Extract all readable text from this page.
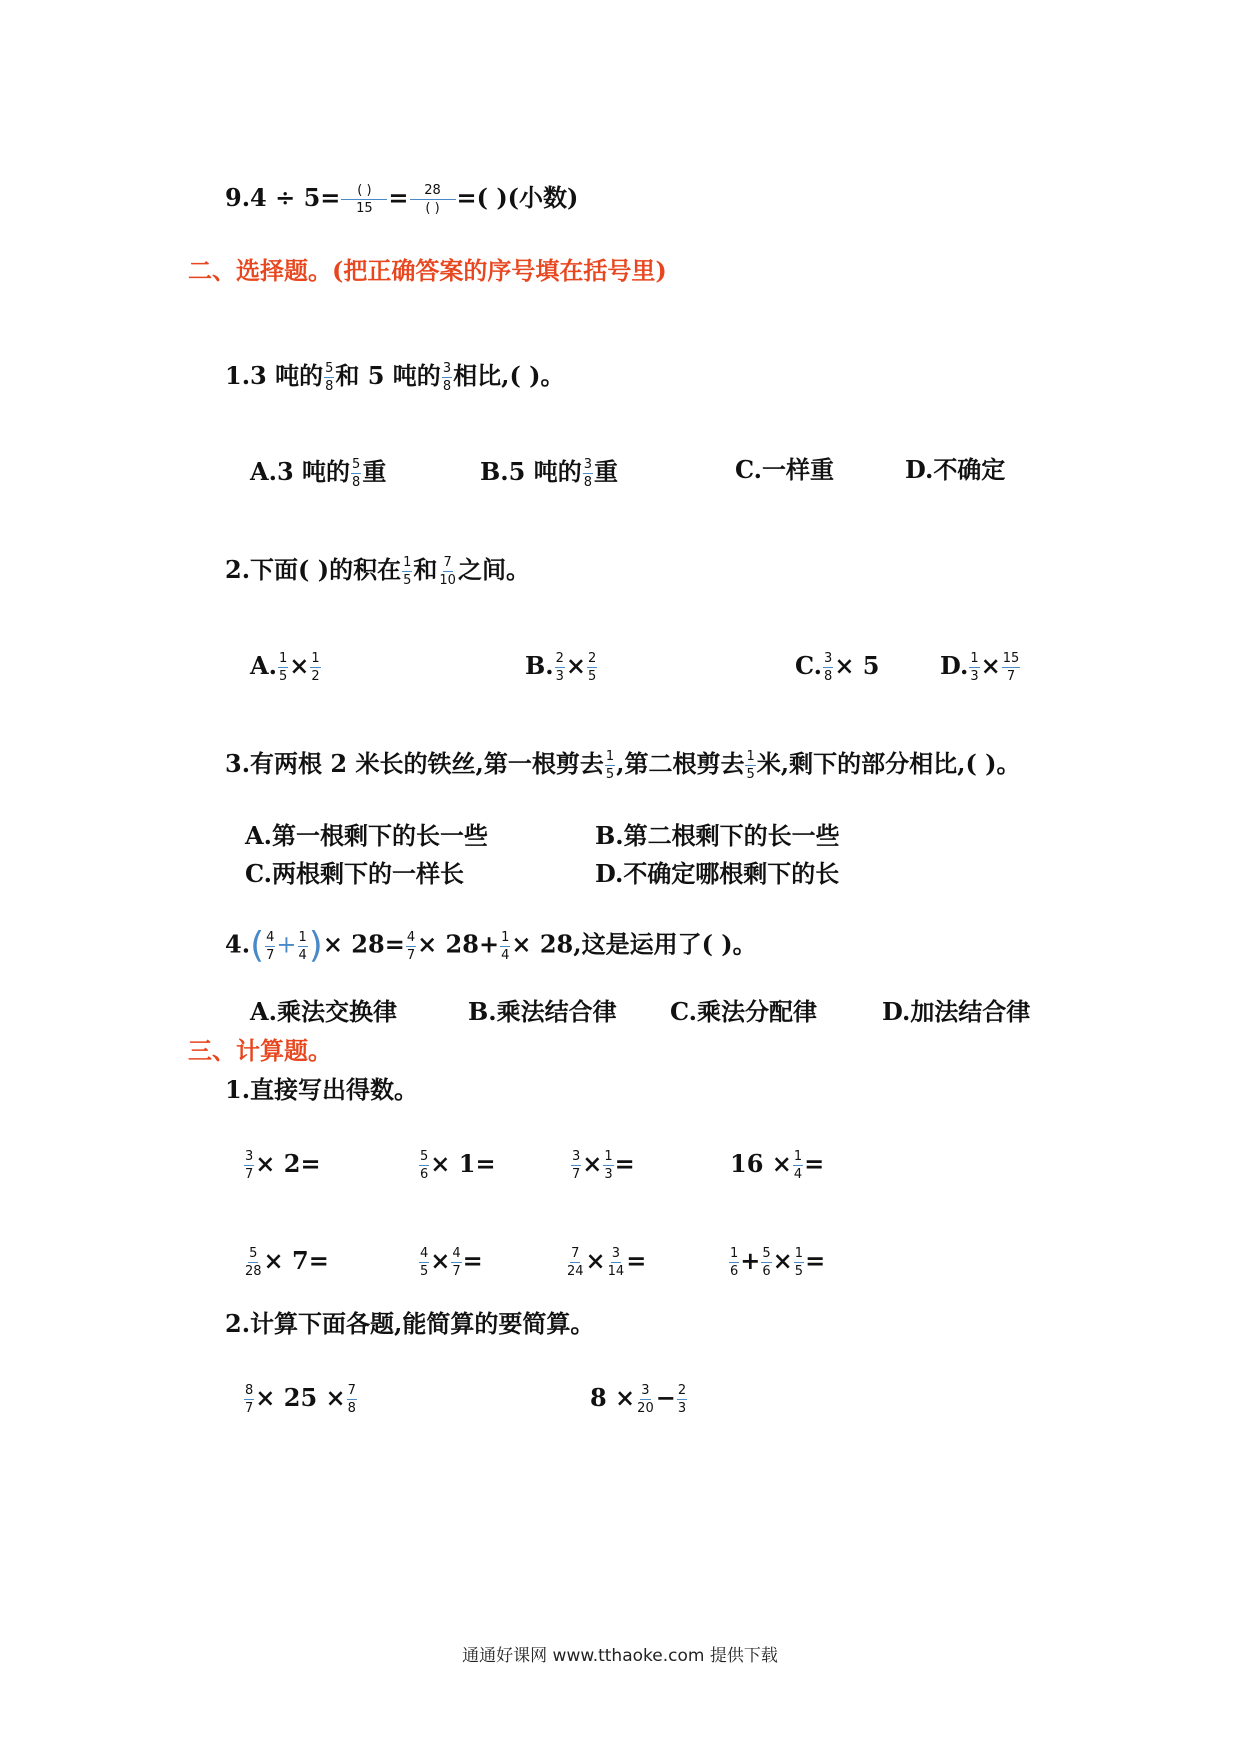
$9.4 \div 5= \frac{( )}{15} = \frac{28}{( )}$ =( )(小数)
二、选择题。(把正确答案的序号填在括号里)
1.3 吨的 $\frac{5}{8}$ 和 5 吨的 $\frac{3}{8}$ 相比,( )。
A.3 吨的 $\frac{5}{8}$ 重	B.5 吨的 $\frac{3}{8}$ 重	C.一样重	D.不确定
2.下面( )的积在 $\frac{1}{5}$ 和 $\frac{7}{10}$ 之间。
A. $\frac{1}{5} \times \frac{1}{2}$	B. $\frac{2}{3} \times \frac{2}{5}$	C. $\frac{3}{8} \times 5$	D. $\frac{1}{3} \times \frac{15}{7}$
3.有两根 2 米长的铁丝,第一根剪去 $\frac{1}{5}$ ,第二根剪去 $\frac{1}{5}$ 米,剩下的部分相比,( )。
A.第一根剩下的长一些	B.第二根剩下的长一些
C.两根剩下的一样长	D.不确定哪根剩下的长
$4.( \frac{4}{7} + \frac{1}{4}$ )× $28= \frac{4}{7} \times 28+ \frac{1}{4} \times 28$,这是运用了( )。
A.乘法交换律	B.乘法结合律 C.乘法分配律	D.加法结合律
三、计算题。
1.直接写出得数。
$\frac{3}{7} \times 2=$	$\frac{5}{6} \times 1=$	$\frac{3}{7} \times \frac{1}{3}$ =	$16 \times \frac{1}{4}$ =
$\frac{5}{28} \times 7=$	$\frac{4}{5} \times \frac{4}{7}$ =	$\frac{7}{24} \times \frac{3}{14}$ =	$\frac{1}{6} + \frac{5}{6} \times \frac{1}{5}$ =
2.计算下面各题,能简算的要简算。
$\frac{8}{7} \times 25 \times \frac{7}{8}$	$8 \times \frac{3}{20} - \frac{2}{3}$
通通好课网 www.tthaoke.com 提供下载
